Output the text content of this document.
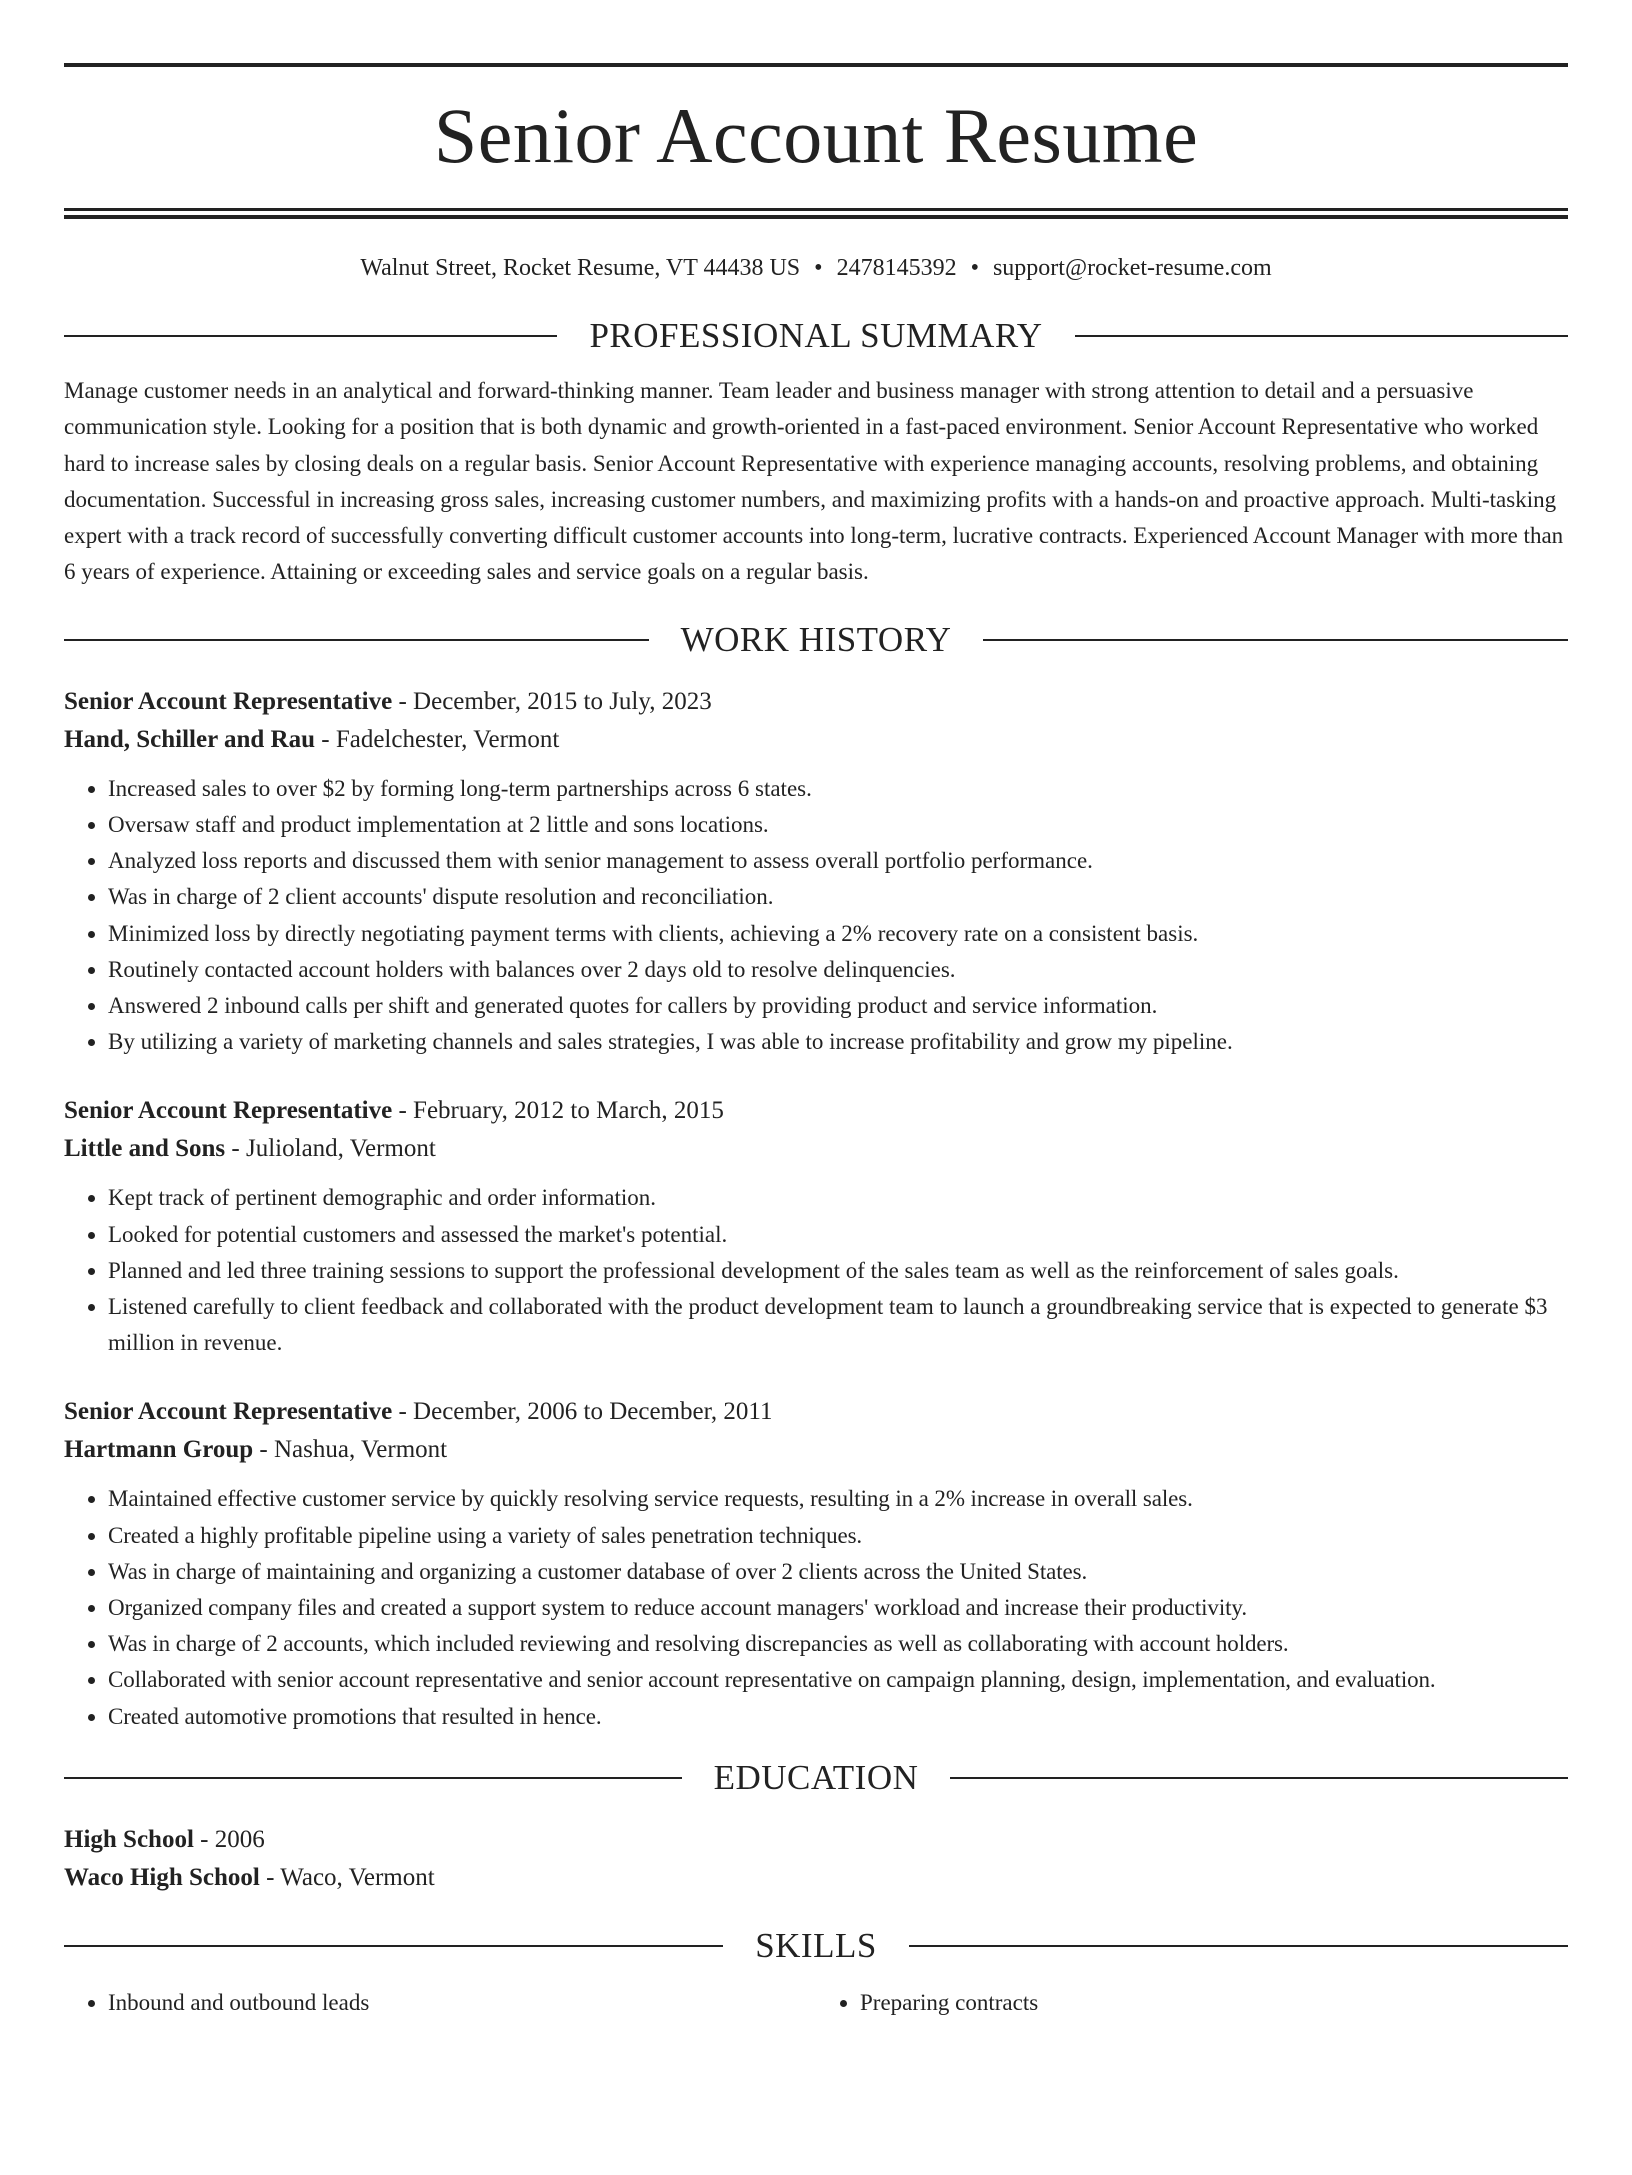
Senior Account Resume
Walnut Street, Rocket Resume, VT 44438 US • 2478145392 • support@rocket-resume.com
PROFESSIONAL SUMMARY

Manage customer needs in an analytical and forward-thinking manner. Team leader and business manager with strong attention to detail and a persuasive communication style. Looking for a position that is both dynamic and growth-oriented in a fast-paced environment. Senior Account Representative who worked hard to increase sales by closing deals on a regular basis. Senior Account Representative with experience managing accounts, resolving problems, and obtaining documentation. Successful in increasing gross sales, increasing customer numbers, and maximizing profits with a hands-on and proactive approach. Multi-tasking expert with a track record of successfully converting difficult customer accounts into long-term, lucrative contracts. Experienced Account Manager with more than 6 years of experience. Attaining or exceeding sales and service goals on a regular basis.

WORK HISTORY
Senior Account Representative - December, 2015 to July, 2023
Hand, Schiller and Rau - Fadelchester, Vermont
• Increased sales to over $2 by forming long-term partnerships across 6 states.
• Oversaw staff and product implementation at 2 little and sons locations.
• Analyzed loss reports and discussed them with senior management to assess overall portfolio performance.
• Was in charge of 2 client accounts' dispute resolution and reconciliation.
• Minimized loss by directly negotiating payment terms with clients, achieving a 2% recovery rate on a consistent basis.
• Routinely contacted account holders with balances over 2 days old to resolve delinquencies.
• Answered 2 inbound calls per shift and generated quotes for callers by providing product and service information.
• By utilizing a variety of marketing channels and sales strategies, I was able to increase profitability and grow my pipeline.
Senior Account Representative - February, 2012 to March, 2015
Little and Sons - Julioland, Vermont
• Kept track of pertinent demographic and order information.
• Looked for potential customers and assessed the market's potential.
• Planned and led three training sessions to support the professional development of the sales team as well as the reinforcement of sales goals.
• Listened carefully to client feedback and collaborated with the product development team to launch a groundbreaking service that is expected to generate $3 million in revenue.
Senior Account Representative - December, 2006 to December, 2011
Hartmann Group - Nashua, Vermont
• Maintained effective customer service by quickly resolving service requests, resulting in a 2% increase in overall sales.
• Created a highly profitable pipeline using a variety of sales penetration techniques.
• Was in charge of maintaining and organizing a customer database of over 2 clients across the United States.
• Organized company files and created a support system to reduce account managers' workload and increase their productivity.
• Was in charge of 2 accounts, which included reviewing and resolving discrepancies as well as collaborating with account holders.
• Collaborated with senior account representative and senior account representative on campaign planning, design, implementation, and evaluation.
• Created automotive promotions that resulted in hence.
EDUCATION
High School - 2006
Waco High School - Waco, Vermont
SKILLS
• Inbound and outbound leads
•	Preparing contracts
